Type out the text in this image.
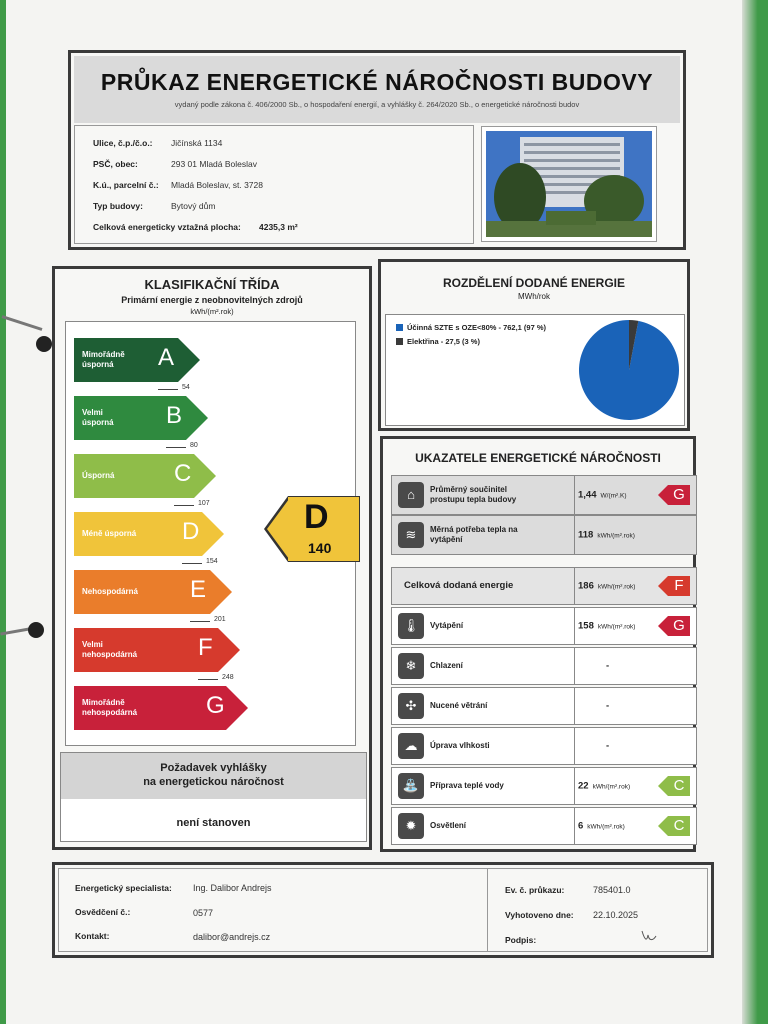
PRŮKAZ ENERGETICKÉ NÁROČNOSTI BUDOVY
vydaný podle zákona č. 406/2000 Sb., o hospodaření energií, a vyhlášky č. 264/2020 Sb., o energetické náročnosti budov
Ulice, č.p./č.o.: Jičínská 1134
PSČ, obec:	293 01 Mladá Boleslav
K.ú., parcelní č.: Mladá Boleslav, st. 3728
Typ budovy:	Bytový dům
Celková energeticky vztažná plocha: 4235,3 m²
KLASIFIKAČNÍ TŘÍDA
Primární energie z neobnovitelných zdrojů
kWh/(m².rok)
Mimořádně
úsporná	A
54
Velmi
úsporná B
80
Úsporná C
107
Méně úsporná D
154
Nehospodárná E
201
Velmi
nehospodárná	F
248
Mimořádně
nehospodárná	G
D
140
Požadavek vyhlášky
na energetickou náročnost
není stanoven
ROZDĚLENÍ DODANÉ ENERGIE
MWh/rok
Účinná SZTE s OZE<80% - 762,1 (97 %)
Elektřina - 27,5 (3 %)
UKAZATELE ENERGETICKÉ NÁROČNOSTI
⌂	Průměrný součinitel prostupu tepla budovy	1,44 W/(m².K)	G
≋	Měrná potřeba tepla na vytápění	118 kWh/(m².rok)
Celková dodaná energie	186 kWh/(m².rok)	F
🌡	Vytápění	158 kWh/(m².rok)	G
❄	Chlazení	-
✣	Nucené větrání	-
☁	Úprava vlhkosti	-
⛲	Příprava teplé vody	22 kWh/(m².rok)	C
✹	Osvětlení	6 kWh/(m².rok)	C
Energetický specialista: Ing. Dalibor Andrejs
Osvědčení č.:	0577
Kontakt:	dalibor@andrejs.cz
Ev. č. průkazu:	785401.0
Vyhotoveno dne: 22.10.2025
Podpis:
